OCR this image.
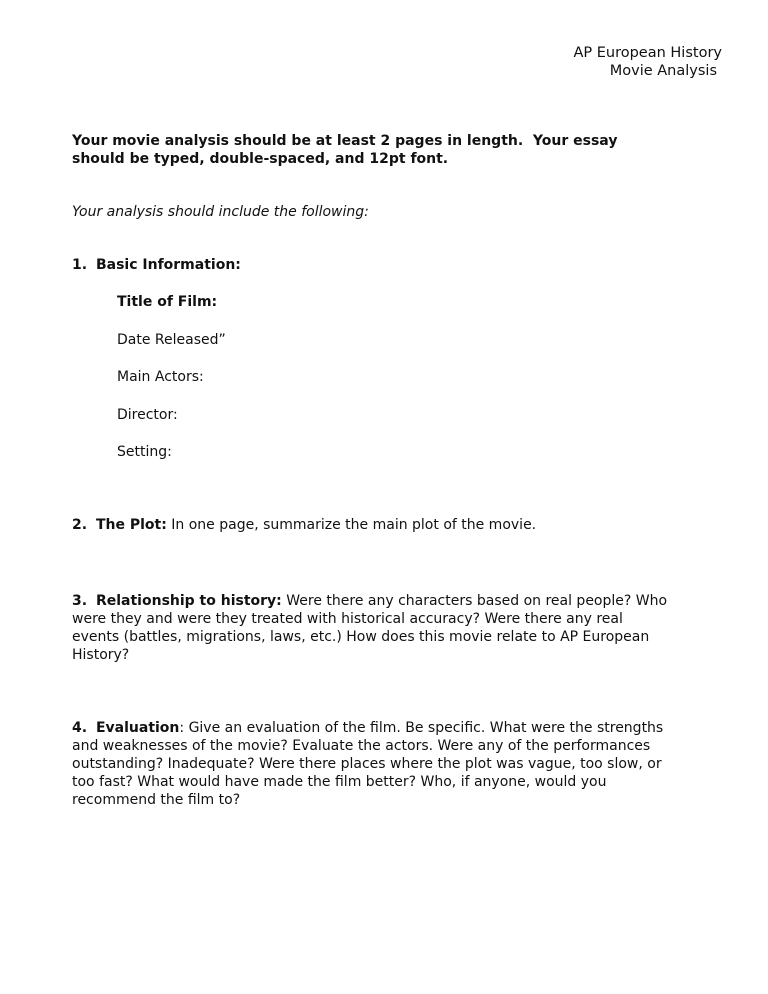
AP European History
Movie Analysis
Your movie analysis should be at least 2 pages in length.  Your essay
should be typed, double-spaced, and 12pt font.
Your analysis should include the following:
1. Basic Information:
Title of Film:
Date Released”
Main Actors:
Director:
Setting:
2. The Plot: In one page, summarize the main plot of the movie.
3. Relationship to history: Were there any characters based on real people? Who
were they and were they treated with historical accuracy? Were there any real
events (battles, migrations, laws, etc.) How does this movie relate to AP European
History?
4. Evaluation: Give an evaluation of the film. Be specific. What were the strengths
and weaknesses of the movie? Evaluate the actors. Were any of the performances
outstanding? Inadequate? Were there places where the plot was vague, too slow, or
too fast? What would have made the film better? Who, if anyone, would you
recommend the film to?
